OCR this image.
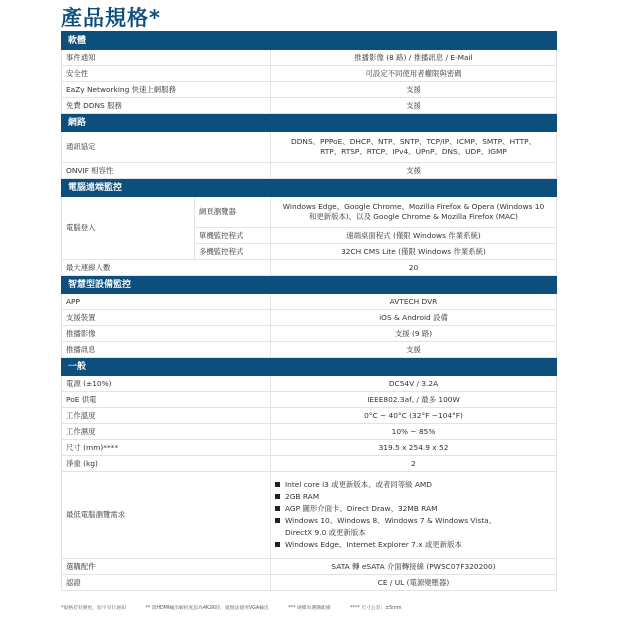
產品規格*
軟體		
事件通知		推播影像 (8 路) / 推播訊息 / E-Mail
安全性		可設定不同使用者權限與密碼
EaZy Networking 快速上網服務		支援
免費 DDNS 服務		支援
網路		
通訊協定		DDNS、PPPoE、DHCP、NTP、SNTP、TCP/IP、ICMP、SMTP、HTTP、
RTP、RTSP、RTCP、IPv4、UPnP、DNS、UDP、IGMP

ONVIF 相容性		支援
電腦遠端監控		
電腦登入	網頁瀏覽器	Windows Edge、Google Chrome、Mozilla Firefox & Opera (Windows 10
和更新版本)、以及 Google Chrome & Mozilla Firefox (MAC)

	單機監控程式	遠端桌面程式 (僅限 Windows 作業系統)
	多機監控程式	32CH CMS Lite (僅限 Windows 作業系統)
最大連線人數		20
智慧型設備監控		
APP		AVTECH DVR
支援裝置		iOS & Android 設備
推播影像		支援 (9 路)
推播訊息		支援
一般		
電源 (±10%)		DC54V / 3.2A
PoE 供電		IEEE802.3af, / 最多 100W
工作溫度		0°C ~ 40°C (32°F ~104°F)
工作濕度		10% ~ 85%
尺寸 (mm)****		319.5 x 254.9 x 52
淨重 (kg)		2
最低電腦瀏覽需求	
Intel core i3 或更新版本、或者同等級 AMD
2GB RAM
AGP 圖形介面卡、Direct Draw、32MB RAM
Windows 10、Windows 8、Windows 7 & Windows Vista、
DirectX 9.0 或更新版本
Windows Edge、Internet Explorer 7.x 或更新版本

選購配件		SATA 轉 eSATA 介面轉接線 (PWSC07F320200)
認證		CE / UL (電源變壓器)
*規格若有變更，恕不另行通知	** 當HDMI輸出解析度設為4K2K時，就無法使用VGA輸出	*** 硬碟為選購配備	**** 尺寸公差：±5mm
